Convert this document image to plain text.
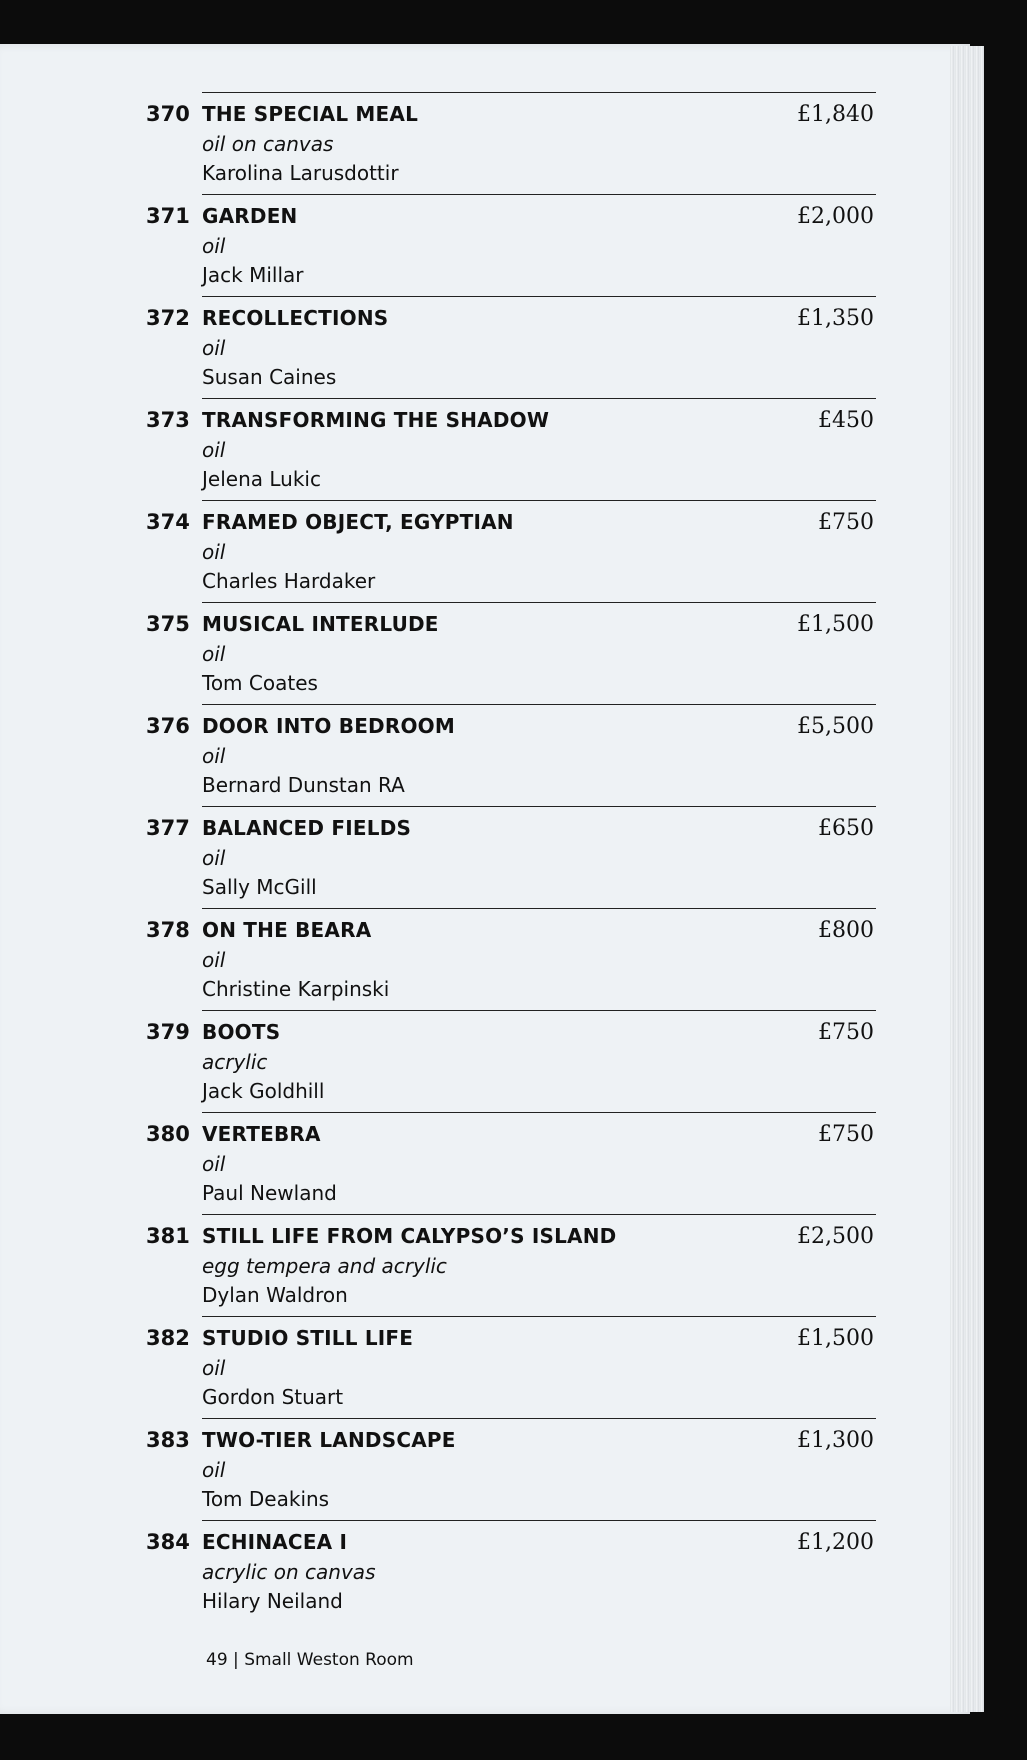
370 THE SPECIAL MEAL
oil on canvas
Karolina Larusdottir
£1,840
371 GARDEN
oil
Jack Millar
£2,000
372 RECOLLECTIONS
oil
Susan Caines
£1,350
373 TRANSFORMING THE SHADOW
oil
Jelena Lukic
£450
374 FRAMED OBJECT, EGYPTIAN
oil
Charles Hardaker
£750
375 MUSICAL INTERLUDE
oil
Tom Coates
£1,500
376 DOOR INTO BEDROOM
oil
Bernard Dunstan RA
£5,500
377 BALANCED FIELDS
oil
Sally McGill
£650
378 ON THE BEARA
oil
Christine Karpinski
£800
379 BOOTS
acrylic
Jack Goldhill
£750
380 VERTEBRA
oil
Paul Newland
£750
381 STILL LIFE FROM CALYPSO’S ISLAND
egg tempera and acrylic
Dylan Waldron
£2,500
382 STUDIO STILL LIFE
oil
Gordon Stuart
£1,500
383 TWO-TIER LANDSCAPE
oil
Tom Deakins
£1,300
384 ECHINACEA I
acrylic on canvas
Hilary Neiland
£1,200
49 | Small Weston Room
